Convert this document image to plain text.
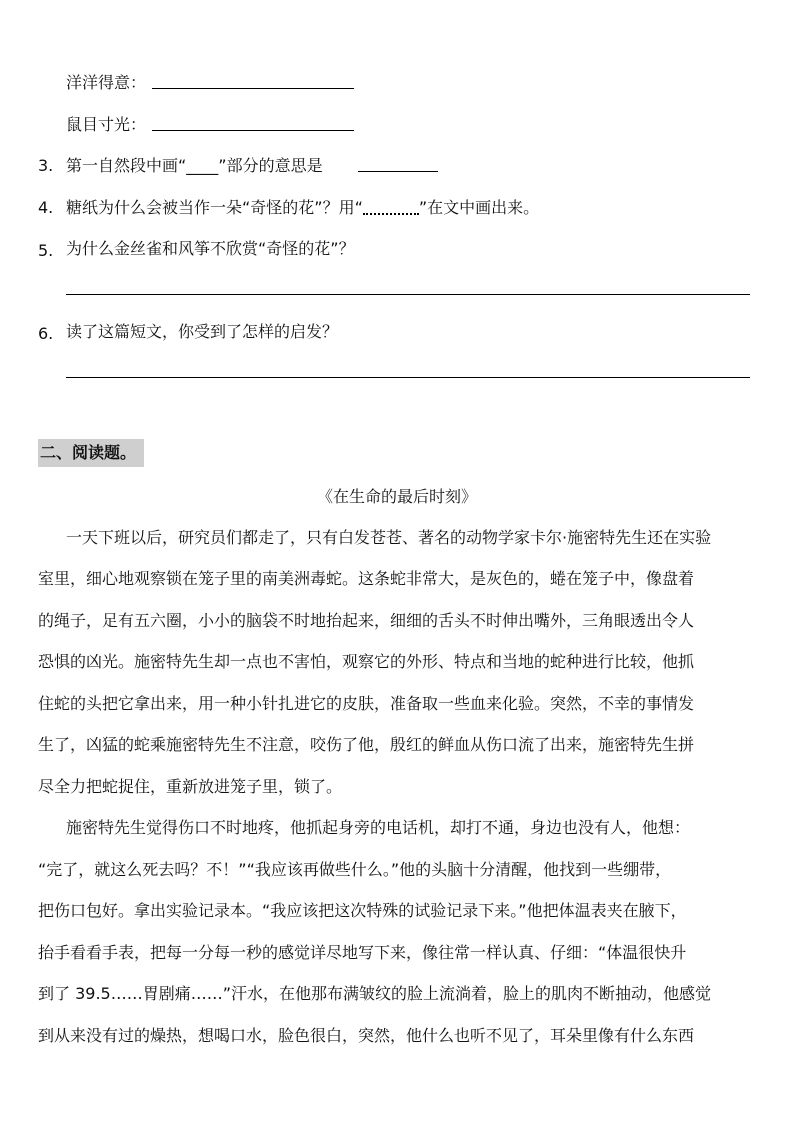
洋洋得意：
鼠目寸光：
3. 第一自然段中画“____”部分的意思是
4. 糖纸为什么会被当作一朵“奇怪的花”？用“	”在文中画出来。
5. 为什么金丝雀和风筝不欣赏“奇怪的花”？
6. 读了这篇短文，你受到了怎样的启发？
二、阅读题。
《在生命的最后时刻》
一天下班以后，研究员们都走了，只有白发苍苍、著名的动物学家卡尔·施密特先生还在实验
室里，细心地观察锁在笼子里的南美洲毒蛇。这条蛇非常大，是灰色的，蜷在笼子中，像盘着
的绳子，足有五六圈，小小的脑袋不时地抬起来，细细的舌头不时伸出嘴外，三角眼透出令人
恐惧的凶光。施密特先生却一点也不害怕，观察它的外形、特点和当地的蛇种进行比较，他抓
住蛇的头把它拿出来，用一种小针扎进它的皮肤，准备取一些血来化验。突然，不幸的事情发
生了，凶猛的蛇乘施密特先生不注意，咬伤了他，殷红的鲜血从伤口流了出来，施密特先生拼
尽全力把蛇捉住，重新放进笼子里，锁了。
施密特先生觉得伤口不时地疼，他抓起身旁的电话机，却打不通，身边也没有人，他想：
“完了，就这么死去吗？不！”“我应该再做些什么。”他的头脑十分清醒，他找到一些绷带，
把伤口包好。拿出实验记录本。“我应该把这次特殊的试验记录下来。”他把体温表夹在腋下，
抬手看看手表，把每一分每一秒的感觉详尽地写下来，像往常一样认真、仔细：“体温很快升
到了 39.5……胃剧痛……”汗水，在他那布满皱纹的脸上流淌着，脸上的肌肉不断抽动，他感觉
到从来没有过的燥热，想喝口水，脸色很白，突然，他什么也听不见了，耳朵里像有什么东西
